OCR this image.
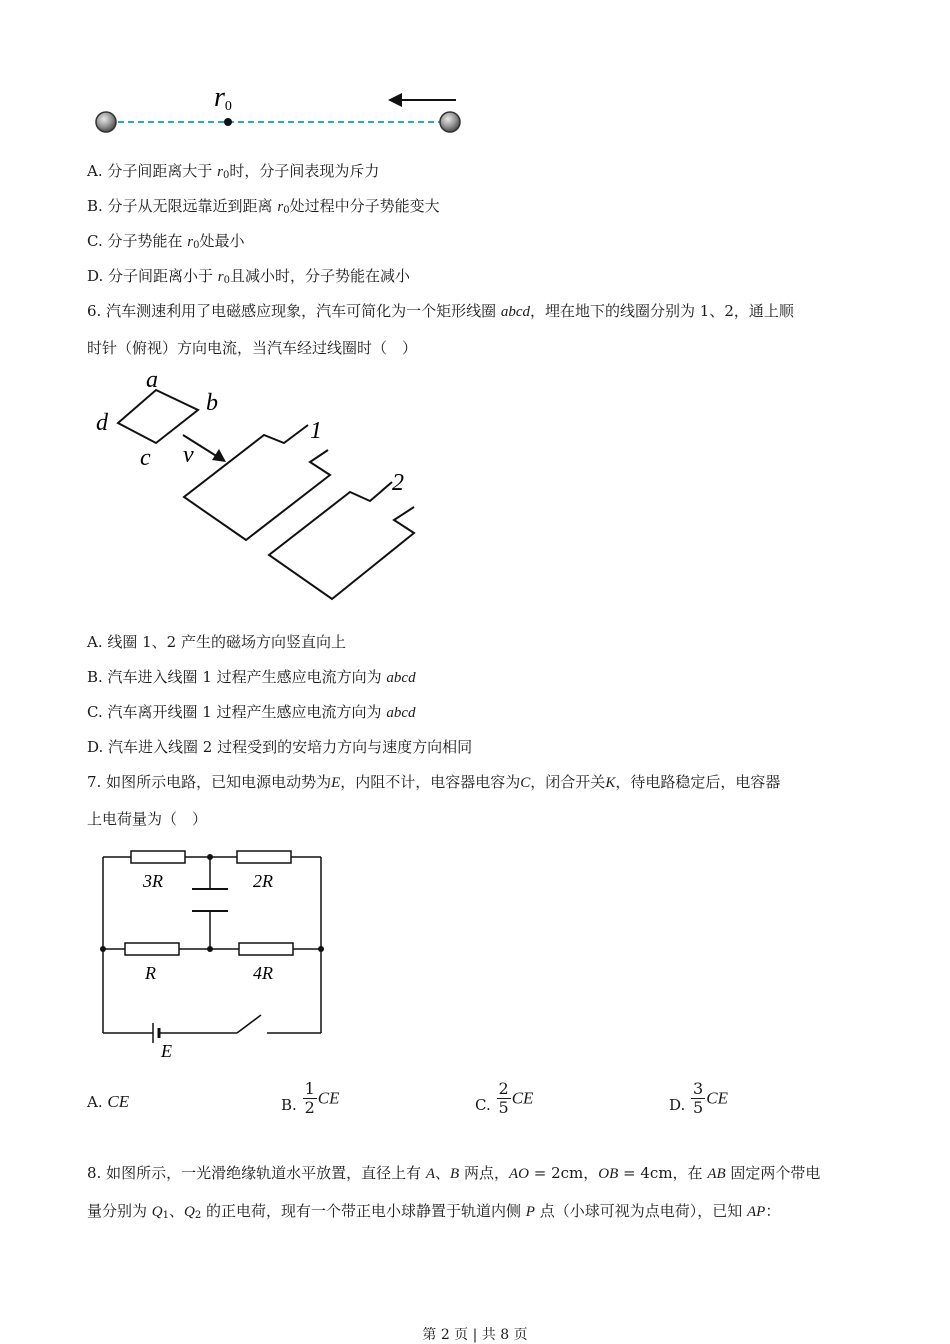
r0
A. 分子间距离大于 $r_0$时，分子间表现为斥力
B. 分子从无限远靠近到距离 $r_0$处过程中分子势能变大
C. 分子势能在 $r_0$处最小
D. 分子间距离小于 $r_0$且减小时，分子势能在减小
6. 汽车测速利用了电磁感应现象，汽车可简化为一个矩形线圈 abcd，埋在地下的线圈分别为 1、2，通上顺
时针（俯视）方向电流，当汽车经过线圈时（　）
a
b
c
d
v
1
2
A. 线圈 1、2 产生的磁场方向竖直向上
B. 汽车进入线圈 1 过程产生感应电流方向为 abcd
C. 汽车离开线圈 1 过程产生感应电流方向为 abcd
D. 汽车进入线圈 2 过程受到的安培力方向与速度方向相同
7. 如图所示电路，已知电源电动势为E，内阻不计，电容器电容为C，闭合开关K，待电路稳定后，电容器
上电荷量为（　）
3R	2R
R	4R
E
A. CE	B. $\frac{1}{2}$ CE	C. $\frac{2}{5}$ CE	D. $\frac{3}{5}$ CE
8. 如图所示，一光滑绝缘轨道水平放置，直径上有 A、B 两点，AO = 2cm，OB = 4cm，在 AB 固定两个带电
量分别为 $Q_1$、$Q_2$ 的正电荷，现有一个带正电小球静置于轨道内侧 P 点（小球可视为点电荷），已知 AP：
第 2 页 | 共 8 页
